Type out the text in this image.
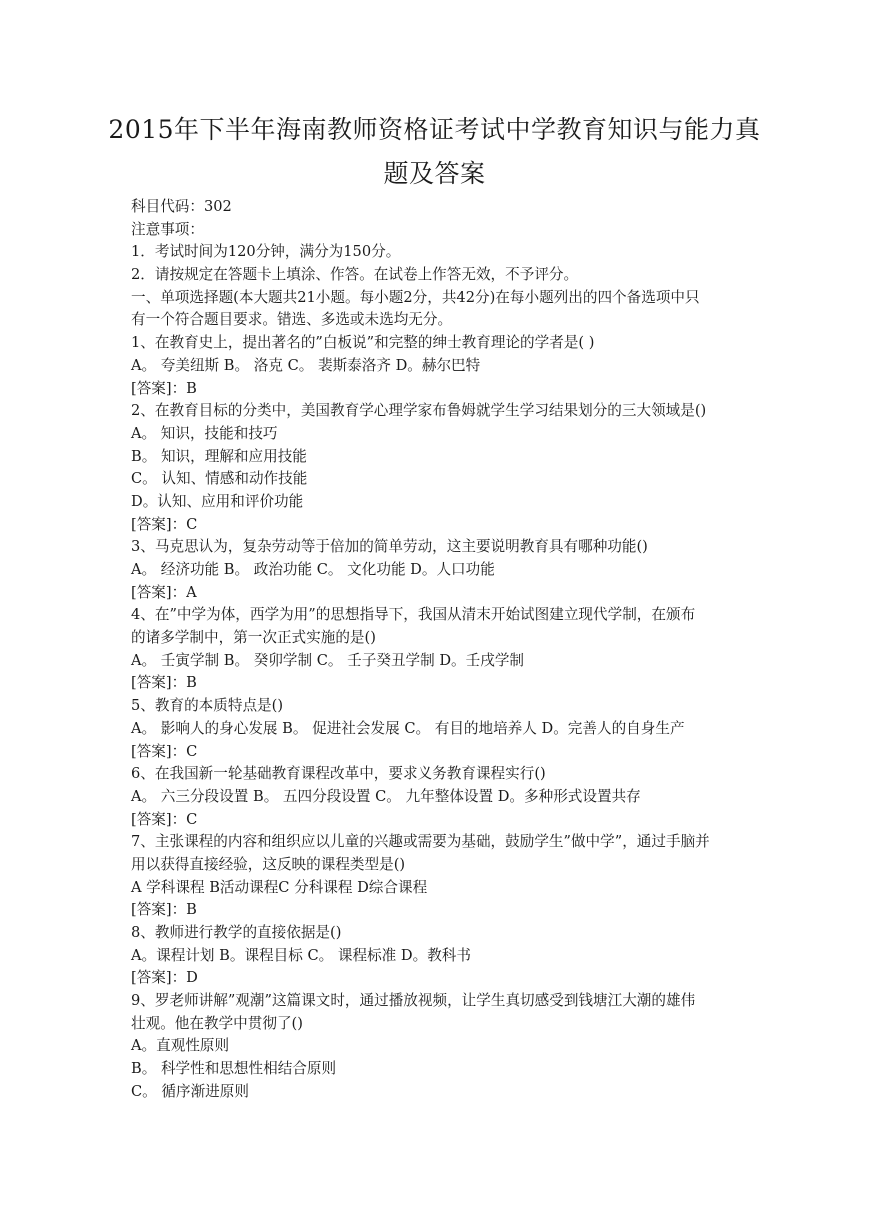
2015年下半年海南教师资格证考试中学教育知识与能力真
题及答案
科目代码：302
注意事项：
1．考试时间为120分钟，满分为150分。
2．请按规定在答题卡上填涂、作答。在试卷上作答无效，不予评分。
一、单项选择题(本大题共21小题。每小题2分，共42分)在每小题列出的四个备选项中只
有一个符合题目要求。错选、多选或未选均无分。
1、在教育史上，提出著名的”白板说”和完整的绅士教育理论的学者是( )
A。 夸美纽斯 B。 洛克 C。 裴斯泰洛齐 D。赫尔巴特
[答案]：B
2、在教育目标的分类中，美国教育学心理学家布鲁姆就学生学习结果划分的三大领域是()
A。 知识，技能和技巧
B。 知识，理解和应用技能
C。 认知、情感和动作技能
D。认知、应用和评价功能
[答案]：C
3、马克思认为，复杂劳动等于倍加的简单劳动，这主要说明教育具有哪种功能()
A。 经济功能 B。 政治功能 C。 文化功能 D。人口功能
[答案]：A
4、在”中学为体，西学为用”的思想指导下，我国从清末开始试图建立现代学制，在颁布
的诸多学制中，第一次正式实施的是()
A。 壬寅学制 B。 癸卯学制 C。 壬子癸丑学制 D。壬戌学制
[答案]：B
5、教育的本质特点是()
A。 影响人的身心发展 B。 促进社会发展 C。 有目的地培养人 D。完善人的自身生产
[答案]：C
6、在我国新一轮基础教育课程改革中，要求义务教育课程实行()
A。 六三分段设置 B。 五四分段设置 C。 九年整体设置 D。多种形式设置共存
[答案]：C
7、主张课程的内容和组织应以儿童的兴趣或需要为基础，鼓励学生”做中学”，通过手脑并
用以获得直接经验，这反映的课程类型是()
A 学科课程 B活动课程C 分科课程 D综合课程
[答案]：B
8、教师进行教学的直接依据是()
A。课程计划 B。课程目标 C。 课程标准 D。教科书
[答案]：D
9、罗老师讲解”观潮”这篇课文时，通过播放视频，让学生真切感受到钱塘江大潮的雄伟
壮观。他在教学中贯彻了()
A。直观性原则
B。 科学性和思想性相结合原则
C。 循序渐进原则
